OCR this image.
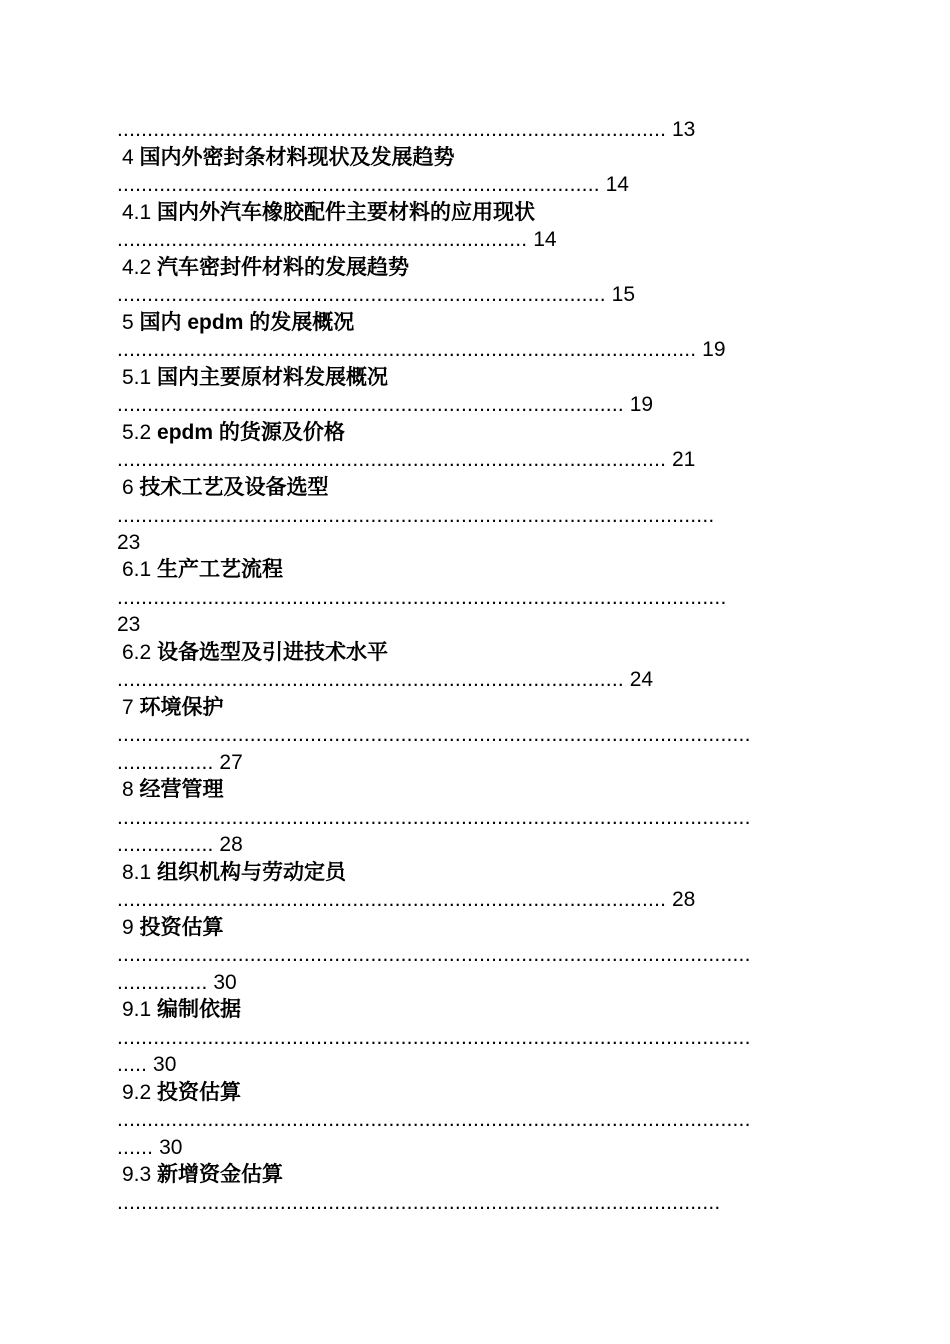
........................................................................................... 13
4 国内外密封条材料现状及发展趋势
................................................................................ 14
4.1 国内外汽车橡胶配件主要材料的应用现状
.................................................................... 14
4.2 汽车密封件材料的发展趋势
................................................................................. 15
5 国内 epdm 的发展概况
................................................................................................ 19
5.1 国内主要原材料发展概况
.................................................................................... 19
5.2 epdm 的货源及价格
........................................................................................... 21
6 技术工艺及设备选型
...................................................................................................
23
6.1 生产工艺流程
.....................................................................................................
23
6.2 设备选型及引进技术水平
.................................................................................... 24
7 环境保护
.........................................................................................................
................ 27
8 经营管理
.........................................................................................................
................ 28
8.1 组织机构与劳动定员
........................................................................................... 28
9 投资估算
.........................................................................................................
............... 30
9.1 编制依据
.........................................................................................................
..... 30
9.2 投资估算
.........................................................................................................
...... 30
9.3 新增资金估算
....................................................................................................
